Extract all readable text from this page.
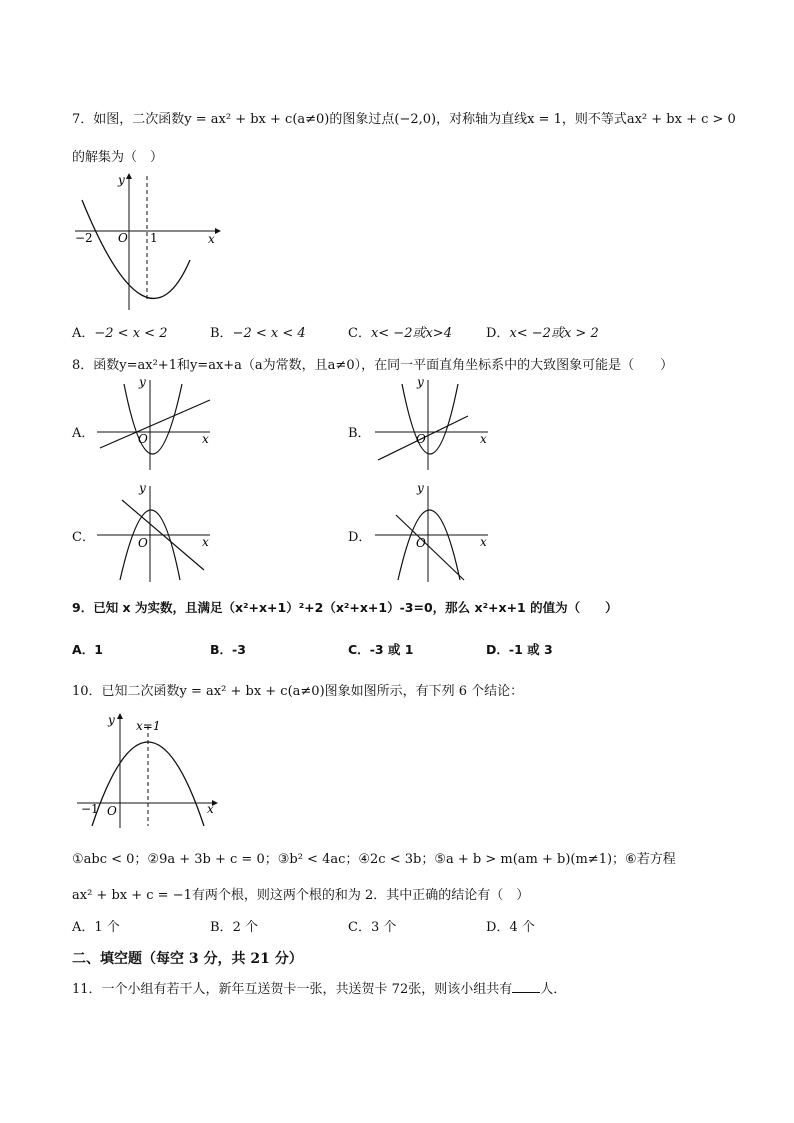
7．如图，二次函数y = ax² + bx + c(a≠0)的图象过点(−2,0)，对称轴为直线x = 1，则不等式ax² + bx + c > 0
的解集为（　）
y
x
O
−2	1
A．−2 < x < 2	B．−2 < x < 4	C．x< −2或x>4	D．x< −2或x > 2
8．函数y=ax²+1和y=ax+a（a为常数，且a≠0），在同一平面直角坐标系中的大致图象可能是（　　）
A．
y
x
O	B．
y
x
O
C．
y
x
O	D．
y
x
O
9．已知 x 为实数，且满足（x²+x+1）²+2（x²+x+1）-3=0，那么 x²+x+1 的值为（　　）
A．1	B．-3	C．-3 或 1	D．-1 或 3
10．已知二次函数y = ax² + bx + c(a≠0)图象如图所示，有下列 6 个结论：
y
x
O
−1
x=1
①abc < 0；②9a + 3b + c = 0；③b² < 4ac；④2c < 3b；⑤a + b > m(am + b)(m≠1)；⑥若方程
ax² + bx + c = −1有两个根，则这两个根的和为 2．其中正确的结论有（　）
A．1 个	B．2 个	C．3 个	D．4 个
二、填空题（每空 3 分，共 21 分）
11．一个小组有若干人，新年互送贺卡一张，共送贺卡 72张，则该小组共有 人．
